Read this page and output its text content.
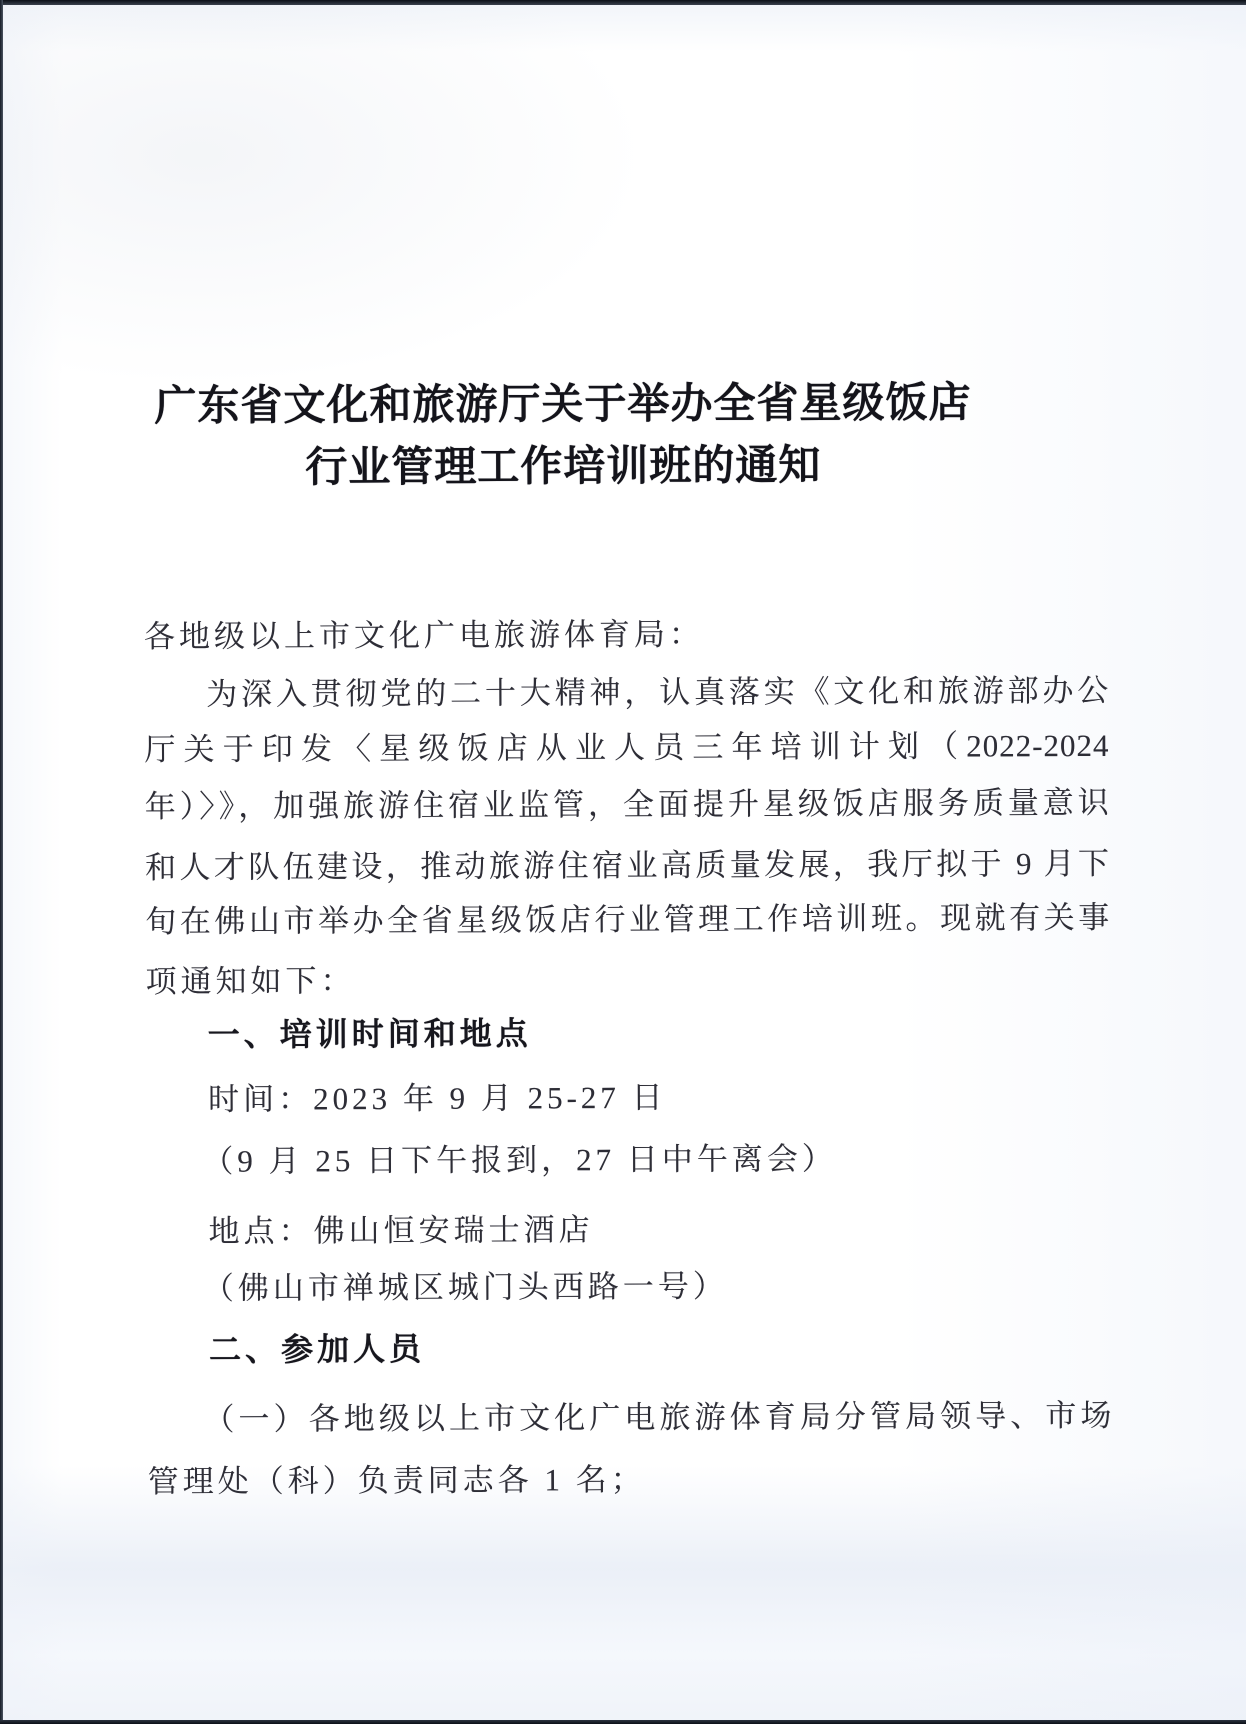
广东省文化和旅游厅关于举办全省星级饭店
行业管理工作培训班的通知
各地级以上市文化广电旅游体育局：
为深入贯彻党的二十大精神，认真落实《文化和旅游部办公
厅关于印发〈星级饭店从业人员三年培训计划（2022-2024
年）〉》，加强旅游住宿业监管，全面提升星级饭店服务质量意识
和人才队伍建设，推动旅游住宿业高质量发展，我厅拟于 9 月下
旬在佛山市举办全省星级饭店行业管理工作培训班。现就有关事
项通知如下：
一、培训时间和地点
时间：2023 年 9 月 25-27 日
（9 月 25 日下午报到，27 日中午离会）
地点：佛山恒安瑞士酒店
（佛山市禅城区城门头西路一号）
二、参加人员
（一）各地级以上市文化广电旅游体育局分管局领导、市场
管理处（科）负责同志各 1 名；
